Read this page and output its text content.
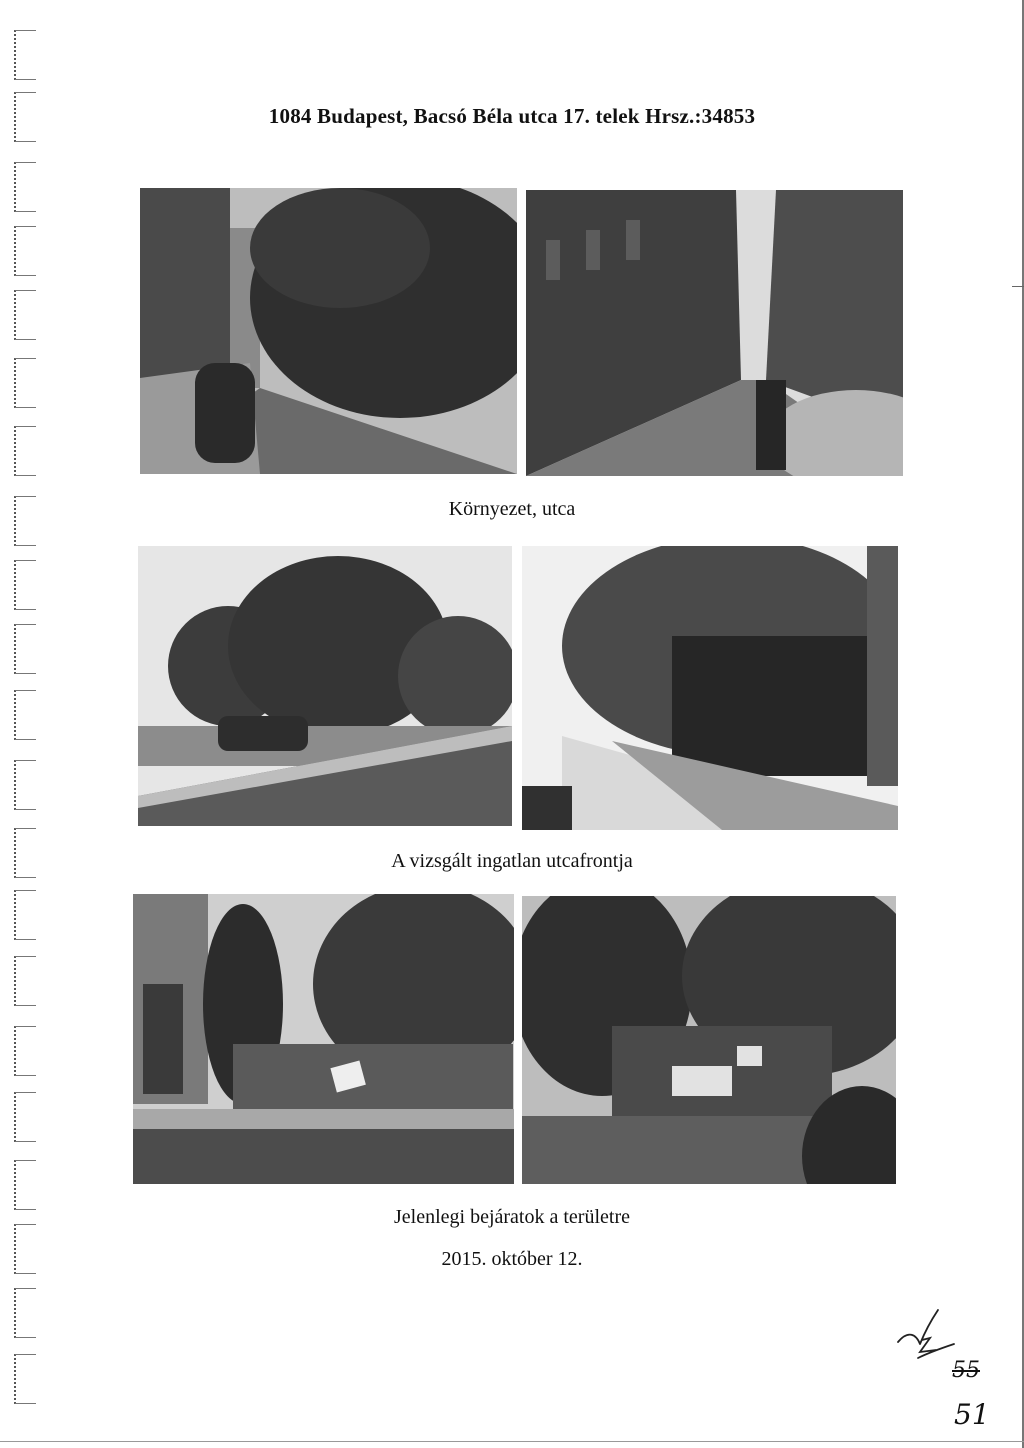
1084 Budapest, Bacsó Béla utca 17. telek Hrsz.:34853
Környezet, utca
A vizsgált ingatlan utcafrontja
Jelenlegi bejáratok a területre
2015. október 12.
55
51
